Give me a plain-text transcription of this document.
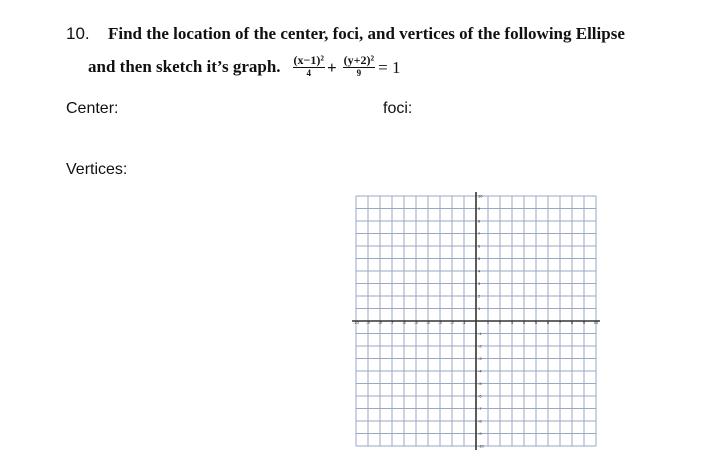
10. Find the location of the center, foci, and vertices of the following Ellipse
and then sketch it’s graph. $\frac{\text{(x−1)²}}{4} + \frac{\text{(y+2)²}}{9} = 1$
Center:	foci:
Vertices:
-10 -9 -8 -7 -6 -5 -4 -3 -2 -1	1 2 3 4 5 6 7 8 9 10
10
9
8
7
6
5
4
3
2
1
-1
-2
-3
-4
-5
-6
-7
-8
-9
-10
